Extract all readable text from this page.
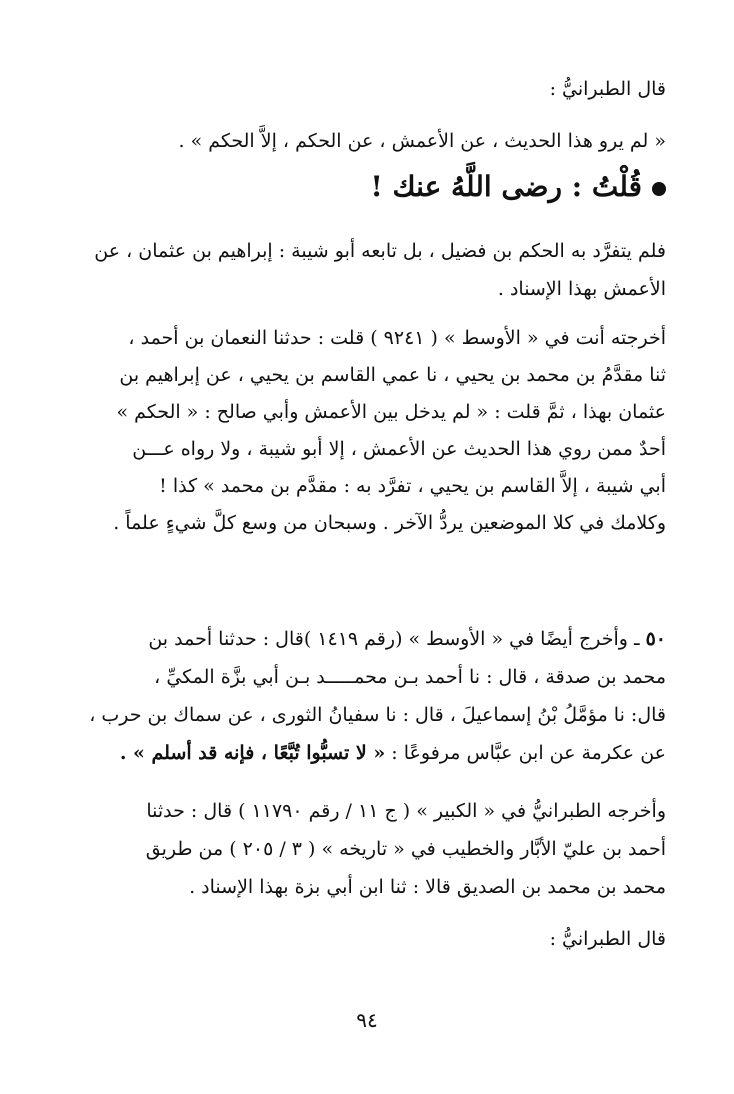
قال الطبرانيُّ :
« لم يرو هذا الحديث ، عن الأعمش ، عن الحكم ، إلاَّ الحكم » .
قُلْتُ : رضى اللَّهُ عنك !
فلم يتفرَّد به الحكم بن فضيل ، بل تابعه أبو شيبة : إبراهيم بن عثمان ، عن
الأعمش بهذا الإسناد .
أخرجته أنت في « الأوسط » ( ٩٢٤١ ) قلت : حدثنا النعمان بن أحمد ،
ثنا مقدَّمُ بن محمد بن يحيي ، نا عمي القاسم بن يحيي ، عن إبراهيم بن
عثمان بهذا ، ثمَّ قلت : « لم يدخل بين الأعمش وأبي صالح : « الحكم »
أحدٌ ممن روي هذا الحديث عن الأعمش ، إلا أبو شيبة ، ولا رواه عـــن
أبي شيبة ، إلاَّ القاسم بن يحيي ، تفرَّد به : مقدَّم بن محمد » كذا !
وكلامك في كلا الموضعين يردُّ الآخر . وسبحان من وسع كلَّ شيءٍ علماً .
٥٠ ـ وأخرج أيضًا في « الأوسط » (رقم ١٤١٩ )قال : حدثنا أحمد بن
محمد بن صدقة ، قال : نا أحمد بـن محمـــــد بـن أبي بزَّة المكيِّ ،
قال: نا مؤمَّلُ بْنُ إسماعيلَ ، قال : نا سفيانُ الثورى ، عن سماك بن حرب ،
عن عكرمة عن ابن عبَّاس مرفوعًا : « لا تسبُّوا تُبَّعًا ، فإنه قد أسلم » .
وأخرجه الطبرانيُّ في « الكبير » ( ج ١١ / رقم ١١٧٩٠ ) قال : حدثنا
أحمد بن عليّ الأبَّار والخطيب في « تاريخه » ( ٣ / ٢٠٥ ) من طريق
محمد بن محمد بن الصديق قالا : ثنا ابن أبي بزة بهذا الإسناد .
قال الطبرانيُّ :
٩٤
